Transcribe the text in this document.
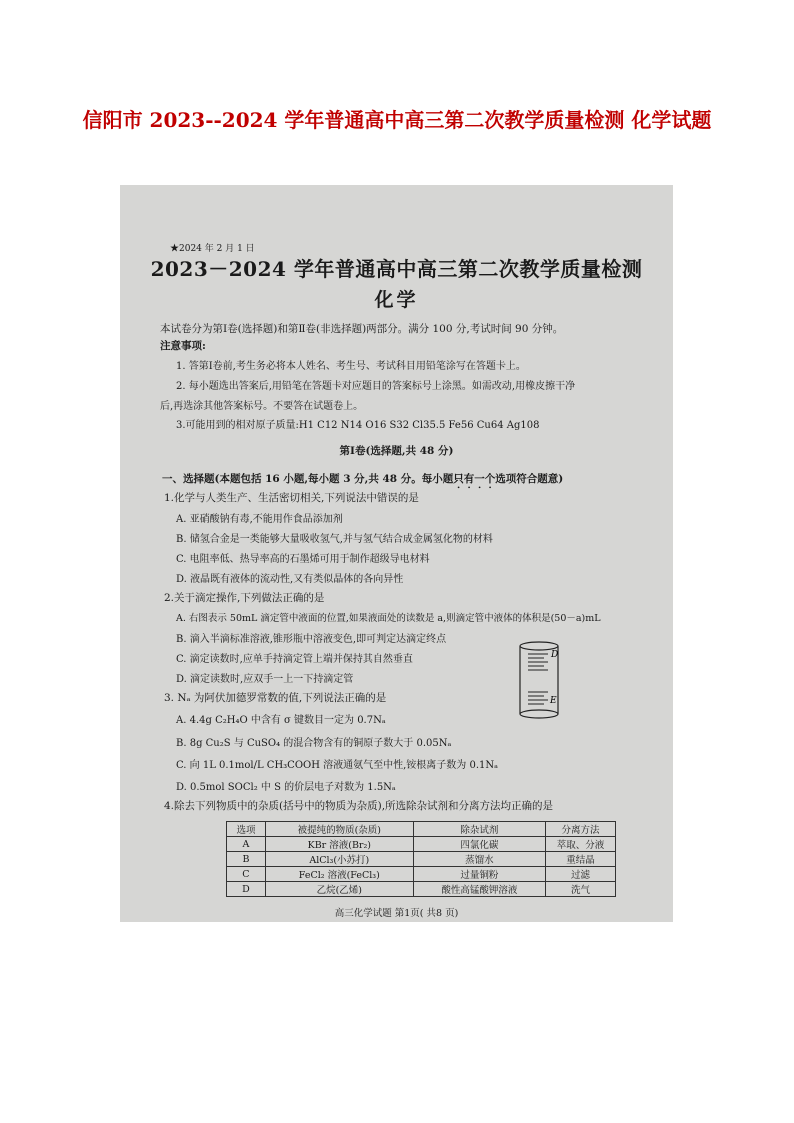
信阳市 2023--2024 学年普通高中高三第二次教学质量检测 化学试题
★2024 年 2 月 1 日
2023－2024 学年普通高中高三第二次教学质量检测
化学
本试卷分为第Ⅰ卷(选择题)和第Ⅱ卷(非选择题)两部分。满分 100 分,考试时间 90 分钟。
注意事项:
1. 答第Ⅰ卷前,考生务必将本人姓名、考生号、考试科目用铅笔涂写在答题卡上。
2. 每小题选出答案后,用铅笔在答题卡对应题目的答案标号上涂黑。如需改动,用橡皮擦干净
后,再选涂其他答案标号。不要答在试题卷上。
3.可能用到的相对原子质量:H1 C12 N14 O16 S32 Cl35.5 Fe56 Cu64 Ag108
第Ⅰ卷(选择题,共 48 分)
一、选择题(本题包括 16 小题,每小题 3 分,共 48 分。每小题只有一个选项符合题意)
1.化学与人类生产、生活密切相关,下列说法中错误的是
A. 亚硝酸钠有毒,不能用作食品添加剂
B. 储氢合金是一类能够大量吸收氢气,并与氢气结合成金属氢化物的材料
C. 电阻率低、热导率高的石墨烯可用于制作超级导电材料
D. 液晶既有液体的流动性,又有类似晶体的各向异性
2.关于滴定操作,下列做法正确的是
A. 右图表示 50mL 滴定管中液面的位置,如果液面处的读数是 a,则滴定管中液体的体积是(50－a)mL
B. 滴入半滴标准溶液,锥形瓶中溶液变色,即可判定达滴定终点
C. 滴定读数时,应单手持滴定管上端并保持其自然垂直
D. 滴定读数时,应双手一上一下持滴定管
D
E
3. Nₐ 为阿伏加德罗常数的值,下列说法正确的是
A. 4.4g C₂H₄O 中含有 σ 键数目一定为 0.7Nₐ
B. 8g Cu₂S 与 CuSO₄ 的混合物含有的铜原子数大于 0.05Nₐ
C. 向 1L 0.1mol/L CH₃COOH 溶液通氨气至中性,铵根离子数为 0.1Nₐ
D. 0.5mol SOCl₂ 中 S 的价层电子对数为 1.5Nₐ
4.除去下列物质中的杂质(括号中的物质为杂质),所选除杂试剂和分离方法均正确的是
选项	被提纯的物质(杂质)	除杂试剂	分离方法
A	KBr 溶液(Br₂)	四氯化碳	萃取、分液
B	AlCl₃(小苏打)	蒸馏水	重结晶
C	FeCl₂ 溶液(FeCl₃)	过量铜粉	过滤
D	乙烷(乙烯)	酸性高锰酸钾溶液	洗气
高三化学试题 第1页( 共8 页)
